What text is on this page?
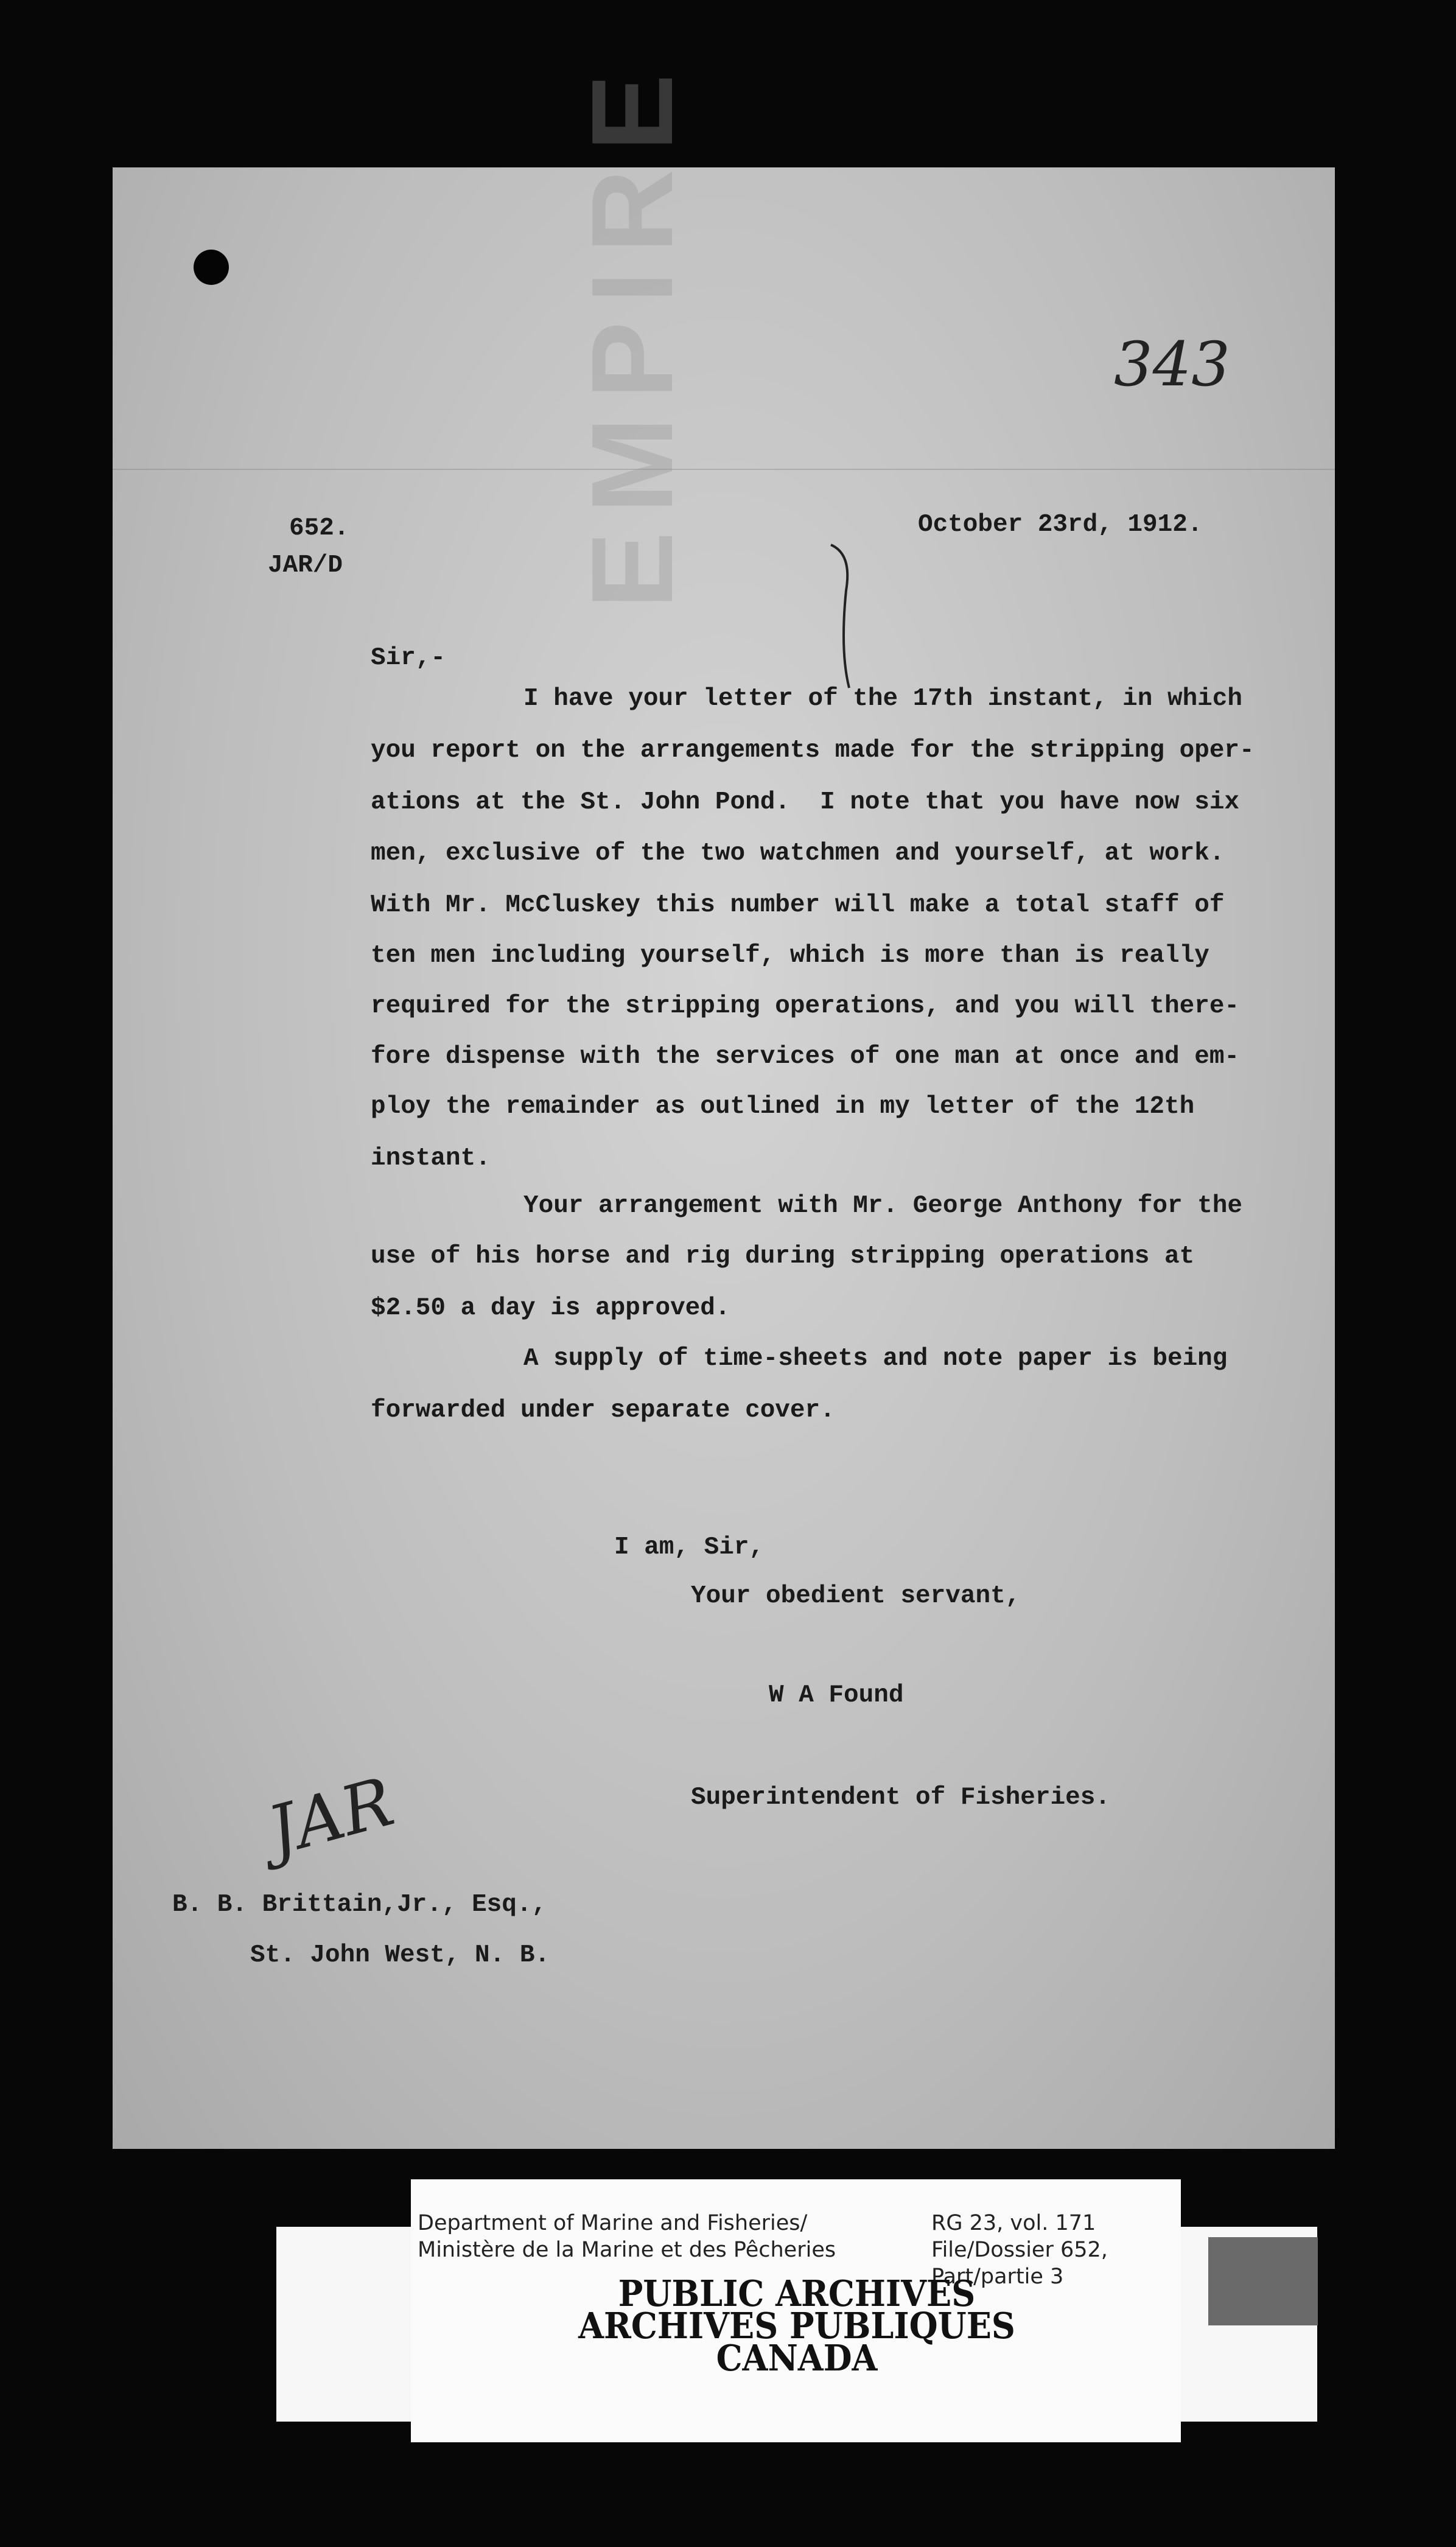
EMPIRE	343
652.
JAR/D
October 23rd, 1912.
Sir,-
I have your letter of the 17th instant, in which
you report on the arrangements made for the stripping oper-
ations at the St. John Pond.  I note that you have now six
men, exclusive of the two watchmen and yourself, at work.
With Mr. McCluskey this number will make a total staff of
ten men including yourself, which is more than is really
required for the stripping operations, and you will there-
fore dispense with the services of one man at once and em-
ploy the remainder as outlined in my letter of the 12th
instant.
Your arrangement with Mr. George Anthony for the
use of his horse and rig during stripping operations at
$2.50 a day is approved.
A supply of time-sheets and note paper is being
forwarded under separate cover.
I am, Sir,
Your obedient servant,
W A Found
Superintendent of Fisheries.
JAR
B. B. Brittain,Jr., Esq.,
St. John West, N. B.
Department of Marine and Fisheries/
Ministère de la Marine et des Pêcheries
RG 23, vol. 171
File/Dossier 652,
Part/partie 3
PUBLIC ARCHIVES
ARCHIVES PUBLIQUES
CANADA
